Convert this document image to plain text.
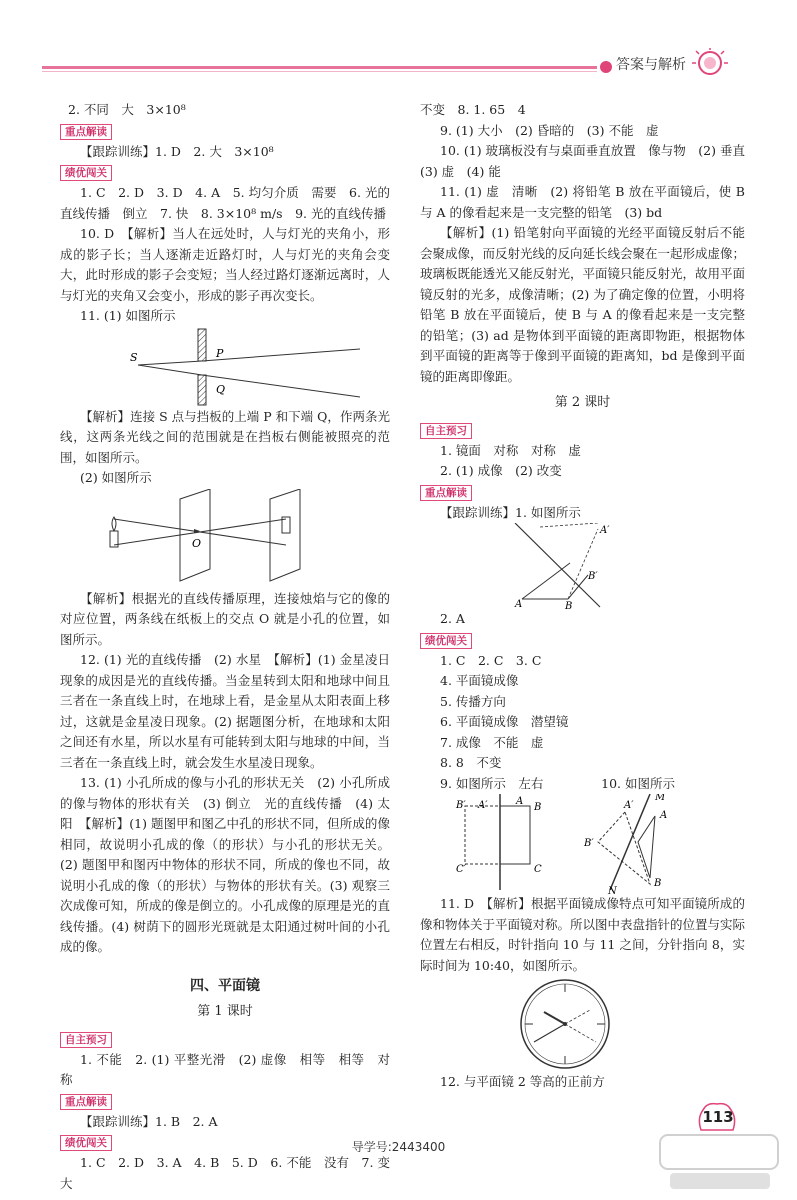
答案与解析

2. 不同　大　3×10⁸

重点解读

【跟踪训练】1. D　2. 大　3×10⁸

绩优闯关

1. C　2. D　3. D　4. A　5. 均匀介质　需要　6. 光的直线传播　倒立　7. 快　8. 3×10⁸ m/s　9. 光的直线传播

10. D　【解析】当人在远处时，人与灯光的夹角小，形成的影子长；当人逐渐走近路灯时，人与灯光的夹角会变大，此时形成的影子会变短；当人经过路灯逐渐远离时，人与灯光的夹角又会变小，形成的影子再次变长。

11. (1) 如图所示

S	P
Q

【解析】连接 S 点与挡板的上端 P 和下端 Q，作两条光线，这两条光线之间的范围就是在挡板右侧能被照亮的范围，如图所示。

(2) 如图所示

O

【解析】根据光的直线传播原理，连接烛焰与它的像的对应位置，两条线在纸板上的交点 O 就是小孔的位置，如图所示。

12. (1) 光的直线传播　(2) 水星　【解析】(1) 金星凌日现象的成因是光的直线传播。当金星转到太阳和地球中间且三者在一条直线上时，在地球上看，是金星从太阳表面上移过，这就是金星凌日现象。(2) 据题图分析，在地球和太阳之间还有水星，所以水星有可能转到太阳与地球的中间，当三者在一条直线上时，就会发生水星凌日现象。

13. (1) 小孔所成的像与小孔的形状无关　(2) 小孔所成的像与物体的形状有关　(3) 倒立　光的直线传播　(4) 太阳　【解析】(1) 题图甲和图乙中孔的形状不同，但所成的像相同，故说明小孔成的像（的形状）与小孔的形状无关。(2) 题图甲和图丙中物体的形状不同，所成的像也不同，故说明小孔成的像（的形状）与物体的形状有关。(3) 观察三次成像可知，所成的像是倒立的。小孔成像的原理是光的直线传播。(4) 树荫下的圆形光斑就是太阳通过树叶间的小孔成的像。

四、平面镜
第 1 课时
自主预习

1. 不能　2. (1) 平整光滑　(2) 虚像　相等　相等　对称

重点解读

【跟踪训练】1. B　2. A

绩优闯关

1. C　2. D　3. A　4. B　5. D　6. 不能　没有　7. 变大

不变　8. 1. 65　4

9. (1) 大小　(2) 昏暗的　(3) 不能　虚

10. (1) 玻璃板没有与桌面垂直放置　像与物　(2) 垂直　(3) 虚　(4) 能

11. (1) 虚　清晰　(2) 将铅笔 B 放在平面镜后，使 B 与 A 的像看起来是一支完整的铅笔　(3) bd

【解析】(1) 铅笔射向平面镜的光经平面镜反射后不能会聚成像，而反射光线的反向延长线会聚在一起形成虚像；玻璃板既能透光又能反射光，平面镜只能反射光，故用平面镜反射的光多，成像清晰；(2) 为了确定像的位置，小明将铅笔 B 放在平面镜后，使 B 与 A 的像看起来是一支完整的铅笔；(3) ad 是物体到平面镜的距离即物距，根据物体到平面镜的距离等于像到平面镜的距离知，bd 是像到平面镜的距离即像距。

第 2 课时
自主预习

1. 镜面　对称　对称　虚

2. (1) 成像　(2) 改变

重点解读

【跟踪训练】1. 如图所示

A′
B′
A	B

2. A

绩优闯关

1. C　2. C　3. C

4. 平面镜成像

5. 传播方向

6. 平面镜成像　潜望镜

7. 成像　不能　虚

8. 8　不变

9. 如图所示　左右	10. 如图所示

B′ A′	A
B
C′	C
M
N
A′
A
B′
B

11. D　【解析】根据平面镜成像特点可知平面镜所成的像和物体关于平面镜对称。所以图中表盘指针的位置与实际位置左右相反，时针指向 10 与 11 之间，分针指向 8，实际时间为 10:40，如图所示。

12. 与平面镜 2 等高的正前方

113
导学号:2443400
